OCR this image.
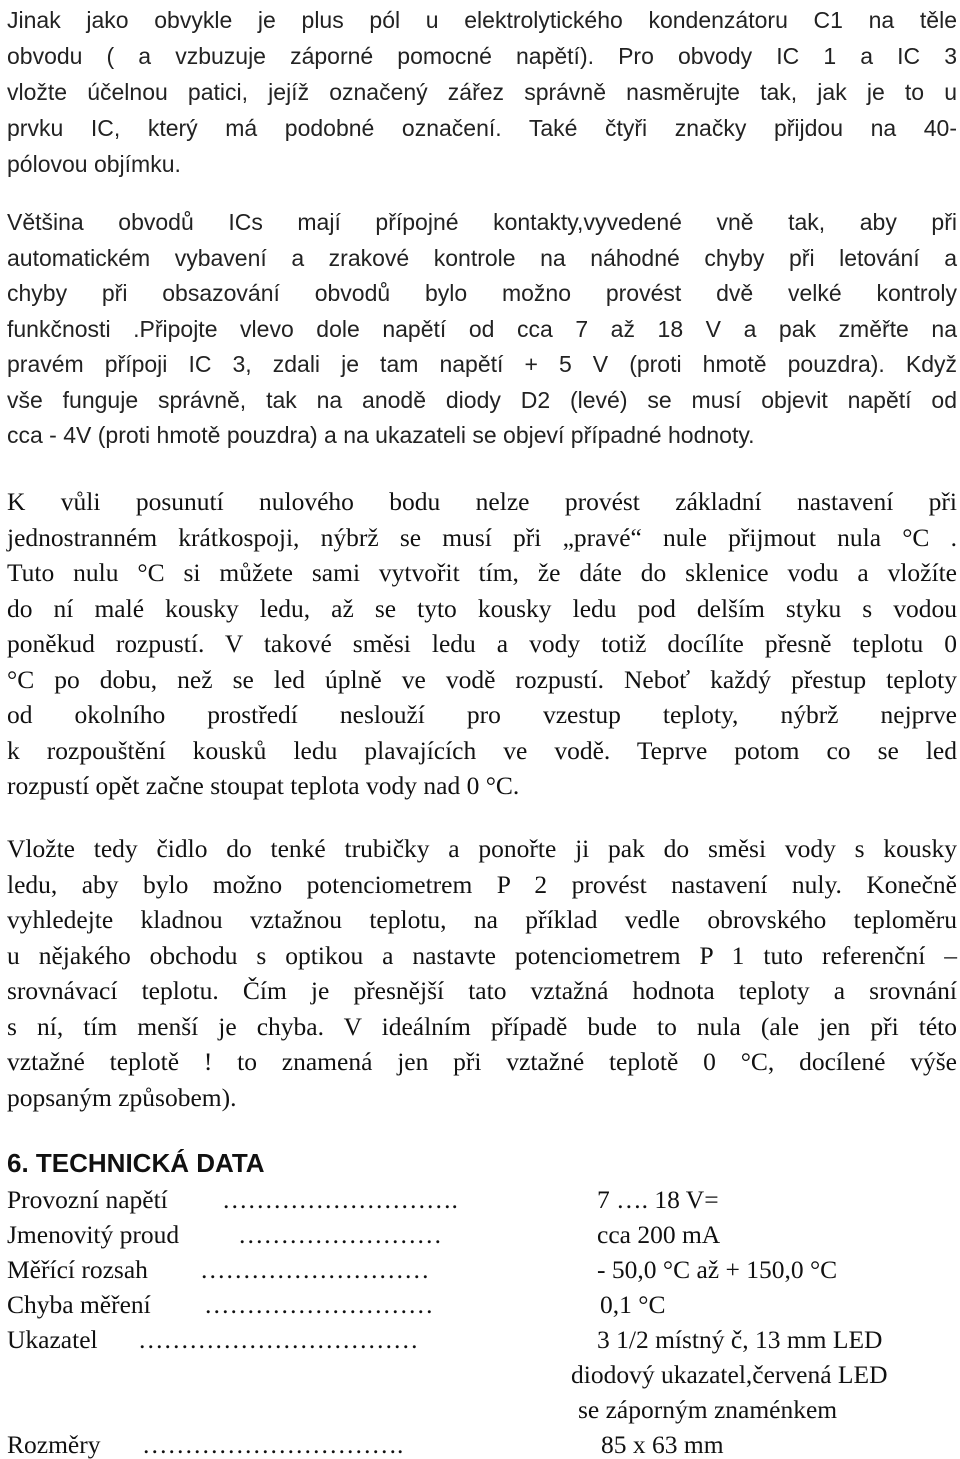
Jinak jako obvykle je plus pól u elektrolytického kondenzátoru C1 na těle
obvodu ( a vzbuzuje záporné pomocné napětí). Pro obvody IC 1 a IC 3
vložte účelnou patici, jejíž označený zářez správně nasměrujte tak, jak je to u
prvku IC, který má podobné označení. Také čtyři značky přijdou na 40-
pólovou objímku.
Většina obvodů ICs mají přípojné kontakty,vyvedené vně tak, aby při
automatickém vybavení a zrakové kontrole na náhodné chyby při letování a
chyby při obsazování obvodů bylo možno provést dvě velké kontroly
funkčnosti .Připojte vlevo dole napětí od cca 7 až 18 V a pak změřte na
pravém přípoji IC 3, zdali je tam napětí + 5 V (proti hmotě pouzdra). Když
vše funguje správně, tak na anodě diody D2 (levé) se musí objevit napětí od
cca - 4V (proti hmotě pouzdra) a na ukazateli se objeví případné hodnoty.
K vůli posunutí nulového bodu nelze provést základní nastavení při
jednostranném krátkospoji, nýbrž se musí při „pravé“ nule přijmout nula °C .
Tuto nulu °C si můžete sami vytvořit tím, že dáte do sklenice vodu a vložíte
do ní malé kousky ledu, až se tyto kousky ledu pod delším styku s vodou
poněkud rozpustí. V takové směsi ledu a vody totiž docílíte přesně teplotu 0
°C po dobu, než se led úplně ve vodě rozpustí. Neboť každý přestup teploty
od okolního prostředí neslouží pro vzestup teploty, nýbrž nejprve
k rozpouštění kousků ledu plavajících ve vodě. Teprve potom co se led
rozpustí opět začne stoupat teplota vody nad 0 °C.
Vložte tedy čidlo do tenké trubičky a ponořte ji pak do směsi vody s kousky
ledu, aby bylo možno potenciometrem P 2 provést nastavení nuly. Konečně
vyhledejte kladnou vztažnou teplotu, na příklad vedle obrovského teploměru
u nějakého obchodu s optikou a nastavte potenciometrem P 1 tuto referenční –
srovnávací teplotu. Čím je přesnější tato vztažná hodnota teploty a srovnání
s ní, tím menší je chyba. V ideálním případě bude to nula (ale jen při této
vztažné teplotě ! to znamená jen při vztažné teplotě 0 °C, docílené výše
popsaným způsobem).
6. TECHNICKÁ DATA
Provozní napětí ……………………….	7 …. 18 V=
Jmenovitý proud ……………………	cca 200 mA
Měřící rozsah ………………………	- 50,0 °C až + 150,0 °C
Chyba měření ………………………	0,1 °C
Ukazatel ……………………………	3 1/2 místný č, 13 mm LED
diodový ukazatel,červená LED
se záporným znaménkem
Rozměry ………………………….	85 x 63 mm
